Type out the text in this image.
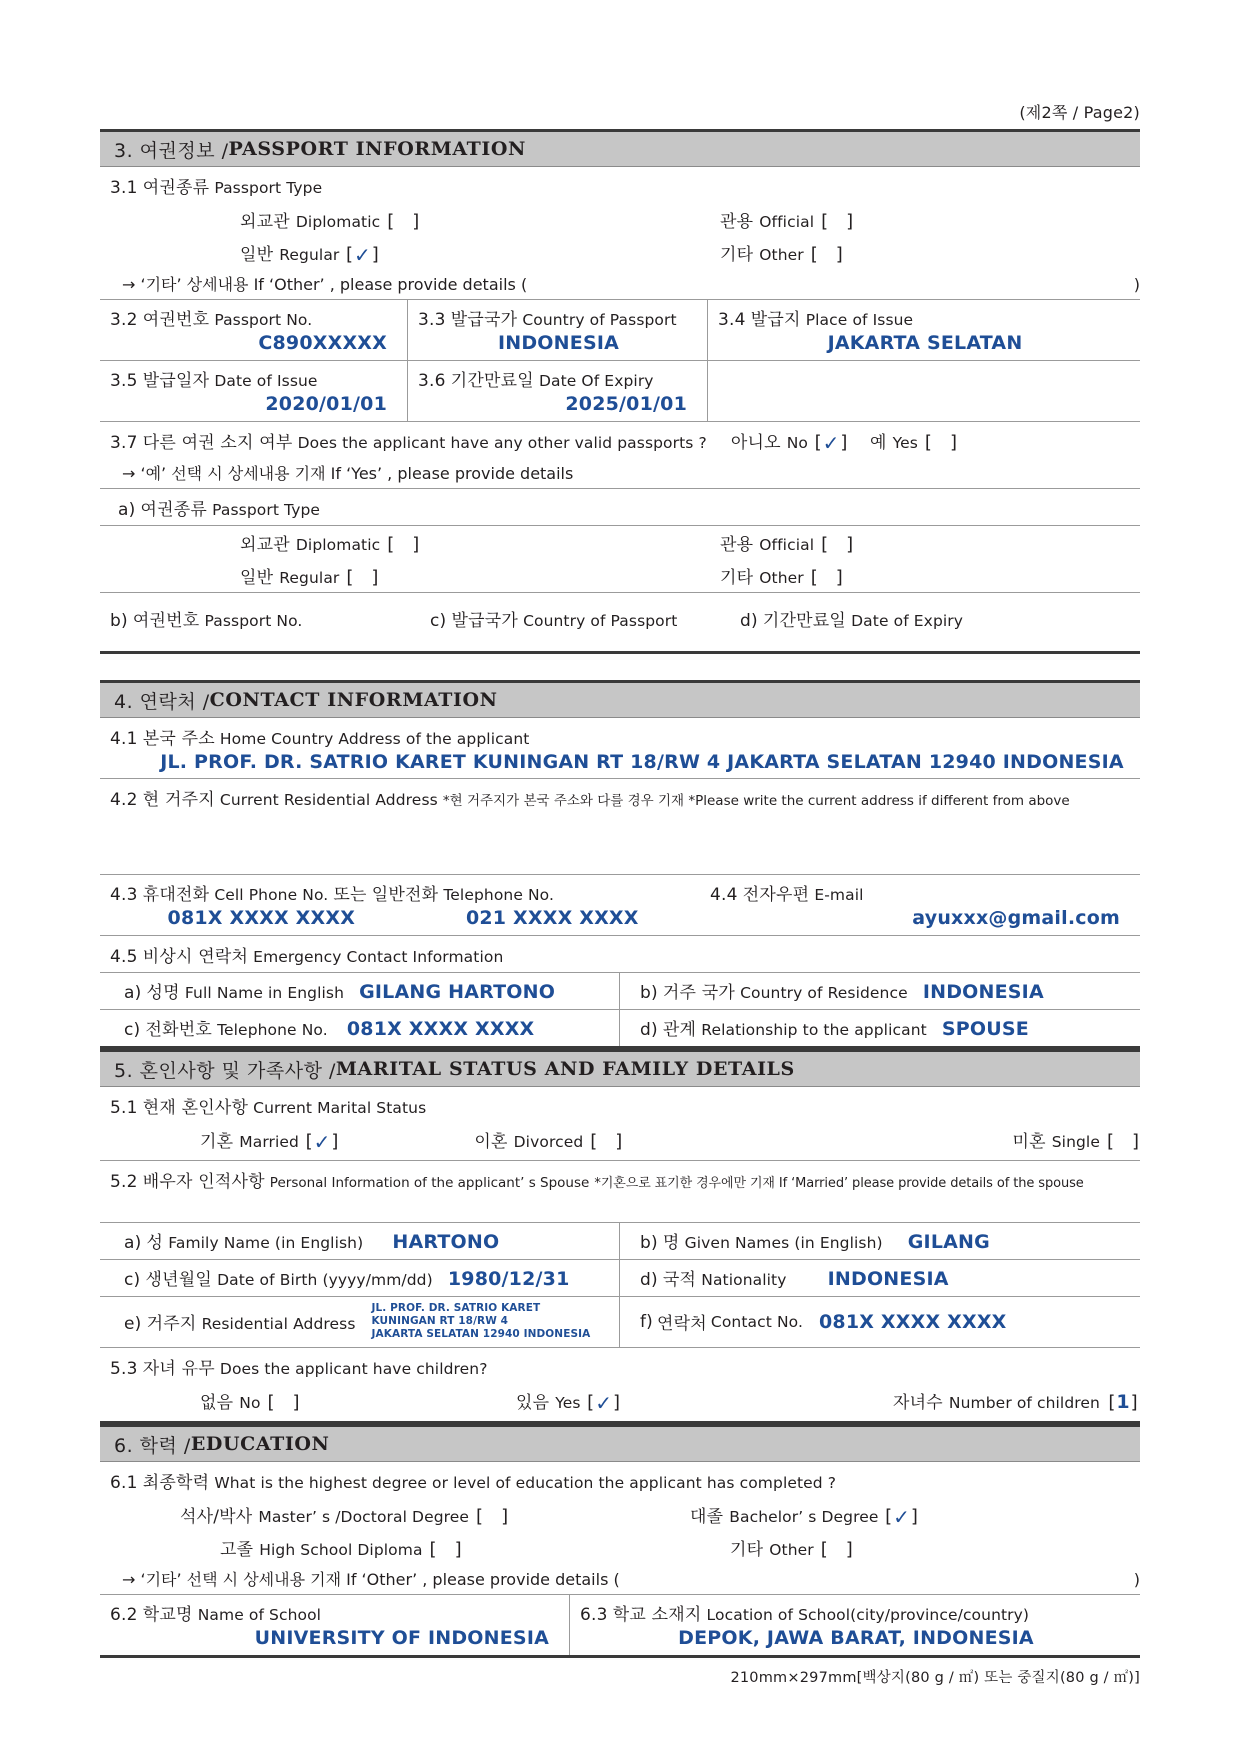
(제2쪽 / Page2)
3. 여권정보 / PASSPORT INFORMATION
3.1 여권종류 Passport Type
외교관 Diplomatic [ ]	관용 Official [ ]
일반 Regular [ ✓ ]	기타 Other [ ]
→ ‘기타’ 상세내용 If ‘Other’ , please provide details (	)
3.2 여권번호 Passport No.
C890XXXXX
3.3 발급국가 Country of Passport
INDONESIA
3.4 발급지 Place of Issue
JAKARTA SELATAN
3.5 발급일자 Date of Issue
2020/01/01
3.6 기간만료일 Date Of Expiry
2025/01/01

3.7 다른 여권 소지 여부 Does the applicant have any other valid passports ? 아니오 No [ ✓ ] 예 Yes [ ]
→ ‘예’ 선택 시 상세내용 기재 If ‘Yes’ , please provide details
a) 여권종류 Passport Type
외교관 Diplomatic [ ]	관용 Official [ ]
일반 Regular [ ]	기타 Other [ ]
b) 여권번호 Passport No.	c) 발급국가 Country of Passport	d) 기간만료일 Date of Expiry
4. 연락처 / CONTACT INFORMATION
4.1 본국 주소 Home Country Address of the applicant
JL. PROF. DR. SATRIO KARET KUNINGAN RT 18/RW 4 JAKARTA SELATAN 12940 INDONESIA
4.2 현 거주지 Current Residential Address *현 거주지가 본국 주소와 다를 경우 기재 *Please write the current address if different from above
4.3 휴대전화 Cell Phone No. 또는 일반전화 Telephone No.
081X XXXX XXXX	021 XXXX XXXX
4.4 전자우편 E-mail
ayuxxx@gmail.com
4.5 비상시 연락처 Emergency Contact Information
a) 성명 Full Name in English GILANG HARTONO	b) 거주 국가 Country of Residence INDONESIA
c) 전화번호 Telephone No. 081X XXXX XXXX	d) 관계 Relationship to the applicant SPOUSE
5. 혼인사항 및 가족사항 / MARITAL STATUS AND FAMILY DETAILS
5.1 현재 혼인사항 Current Marital Status
기혼 Married [ ✓ ]	이혼 Divorced [ ]	미혼 Single [ ]
5.2 배우자 인적사항 Personal Information of the applicant’ s Spouse *기혼으로 표기한 경우에만 기재 If ‘Married’ please provide details of the spouse
a) 성 Family Name (in English) HARTONO	b) 명 Given Names (in English) GILANG
c) 생년월일 Date of Birth (yyyy/mm/dd) 1980/12/31	d) 국적 Nationality INDONESIA
e) 거주지 Residential Address
JL. PROF. DR. SATRIO KARET
KUNINGAN RT 18/RW 4
JAKARTA SELATAN 12940 INDONESIA
f) 연락처 Contact No. 081X XXXX XXXX
5.3 자녀 유무 Does the applicant have children?
없음 No [ ]	있음 Yes [ ✓ ]	자녀수 Number of children [ 1 ]
6. 학력 / EDUCATION
6.1 최종학력 What is the highest degree or level of education the applicant has completed ?
석사/박사 Master’ s /Doctoral Degree [ ]	대졸 Bachelor’ s Degree [ ✓ ]
고졸 High School Diploma [ ]	기타 Other [ ]
→ ‘기타’ 선택 시 상세내용 기재 If ‘Other’ , please provide details (	)
6.2 학교명 Name of School
UNIVERSITY OF INDONESIA
6.3 학교 소재지 Location of School(city/province/country)
DEPOK, JAWA BARAT, INDONESIA
210mm×297mm[백상지(80 g / ㎡) 또는 중질지(80 g / ㎡)]
